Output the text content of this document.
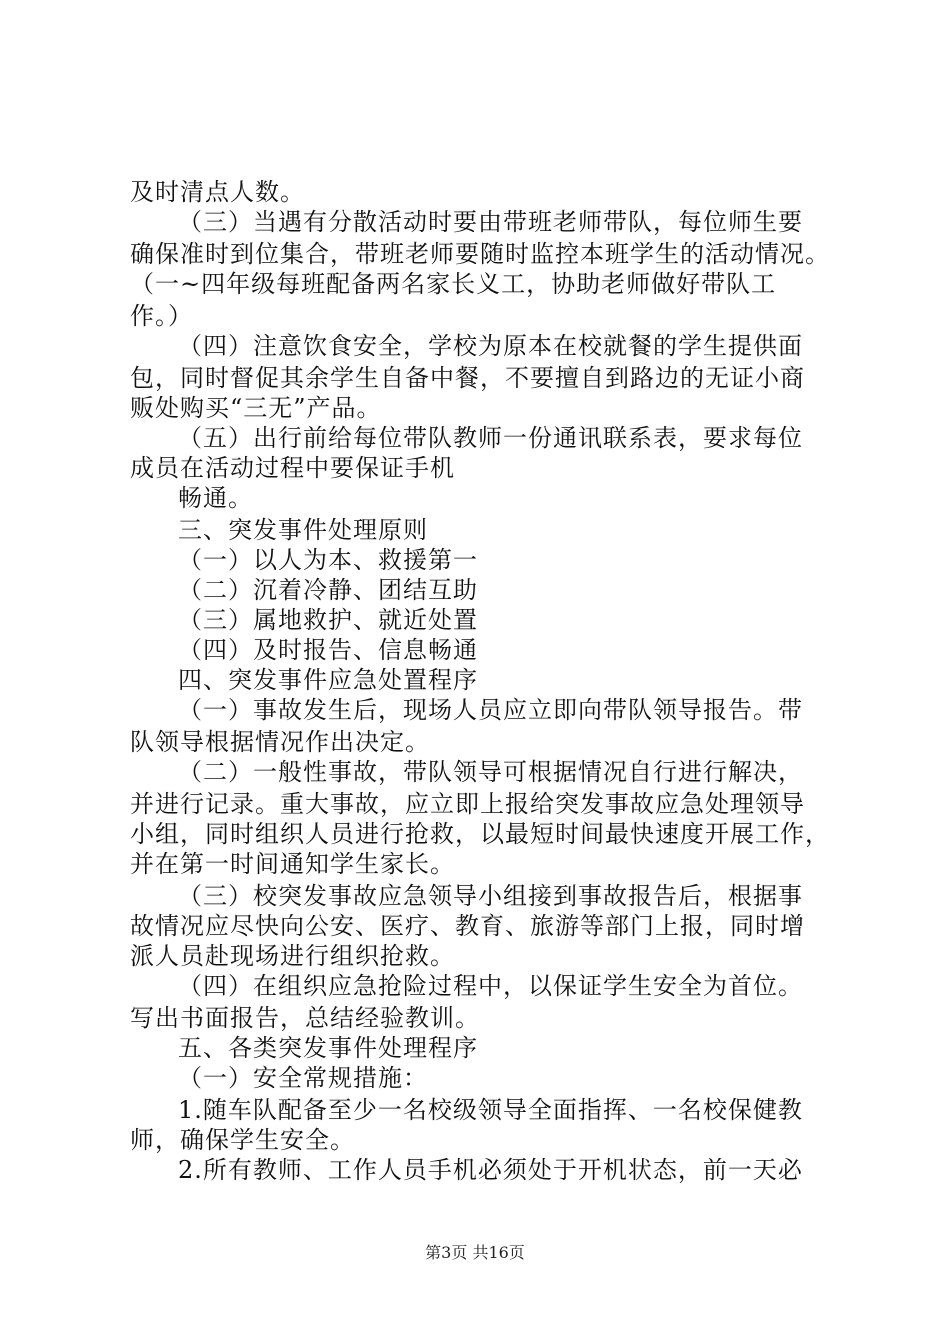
及时清点人数。
（三）当遇有分散活动时要由带班老师带队，每位师生要
确保准时到位集合，带班老师要随时监控本班学生的活动情况。
（一~四年级每班配备两名家长义工，协助老师做好带队工
作。）
（四）注意饮食安全，学校为原本在校就餐的学生提供面
包，同时督促其余学生自备中餐，不要擅自到路边的无证小商
贩处购买“三无”产品。
（五）出行前给每位带队教师一份通讯联系表，要求每位
成员在活动过程中要保证手机
畅通。
三、突发事件处理原则
（一）以人为本、救援第一
（二）沉着冷静、团结互助
（三）属地救护、就近处置
（四）及时报告、信息畅通
四、突发事件应急处置程序
（一）事故发生后，现场人员应立即向带队领导报告。带
队领导根据情况作出决定。
（二）一般性事故，带队领导可根据情况自行进行解决，
并进行记录。重大事故，应立即上报给突发事故应急处理领导
小组，同时组织人员进行抢救，以最短时间最快速度开展工作，
并在第一时间通知学生家长。
（三）校突发事故应急领导小组接到事故报告后，根据事
故情况应尽快向公安、医疗、教育、旅游等部门上报，同时增
派人员赴现场进行组织抢救。
（四）在组织应急抢险过程中，以保证学生安全为首位。
写出书面报告，总结经验教训。
五、各类突发事件处理程序
（一）安全常规措施：
1.随车队配备至少一名校级领导全面指挥、一名校保健教
师，确保学生安全。
2.所有教师、工作人员手机必须处于开机状态，前一天必
第3页 共16页
